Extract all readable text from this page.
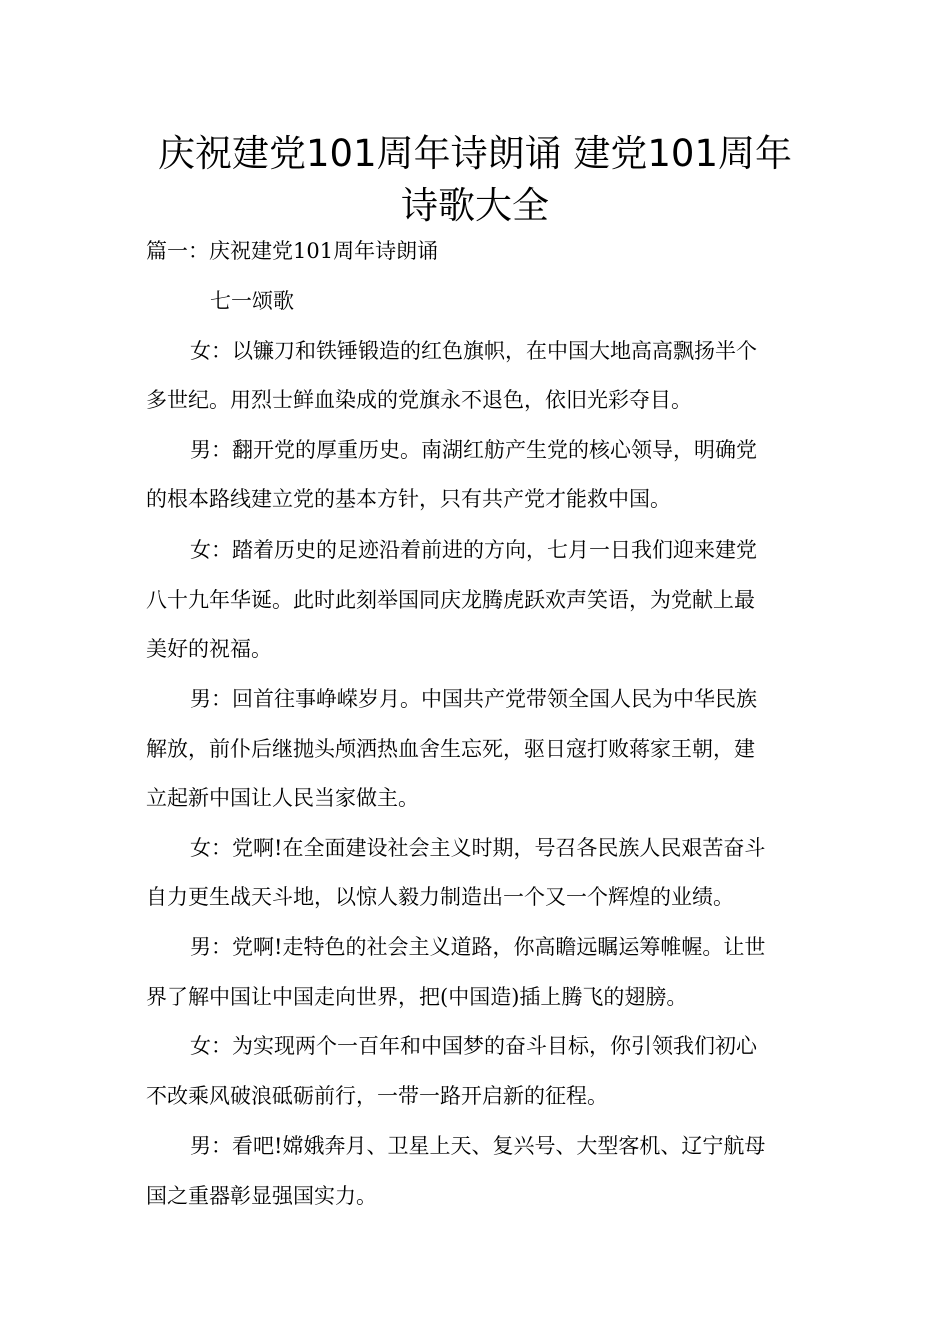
庆祝建党101周年诗朗诵 建党101周年
诗歌大全
篇一：庆祝建党101周年诗朗诵
七一颂歌
女：以镰刀和铁锤锻造的红色旗帜，在中国大地高高飘扬半个
多世纪。用烈士鲜血染成的党旗永不退色，依旧光彩夺目。
男：翻开党的厚重历史。南湖红舫产生党的核心领导，明确党
的根本路线建立党的基本方针，只有共产党才能救中国。
女：踏着历史的足迹沿着前进的方向，七月一日我们迎来建党
八十九年华诞。此时此刻举国同庆龙腾虎跃欢声笑语，为党献上最
美好的祝福。
男：回首往事峥嵘岁月。中国共产党带领全国人民为中华民族
解放，前仆后继抛头颅洒热血舍生忘死，驱日寇打败蒋家王朝，建
立起新中国让人民当家做主。
女：党啊!在全面建设社会主义时期，号召各民族人民艰苦奋斗
自力更生战天斗地，以惊人毅力制造出一个又一个辉煌的业绩。
男：党啊!走特色的社会主义道路，你高瞻远瞩运筹帷幄。让世
界了解中国让中国走向世界，把(中国造)插上腾飞的翅膀。
女：为实现两个一百年和中国梦的奋斗目标，你引领我们初心
不改乘风破浪砥砺前行，一带一路开启新的征程。
男：看吧!嫦娥奔月、卫星上天、复兴号、大型客机、辽宁航母
国之重器彰显强国实力。
